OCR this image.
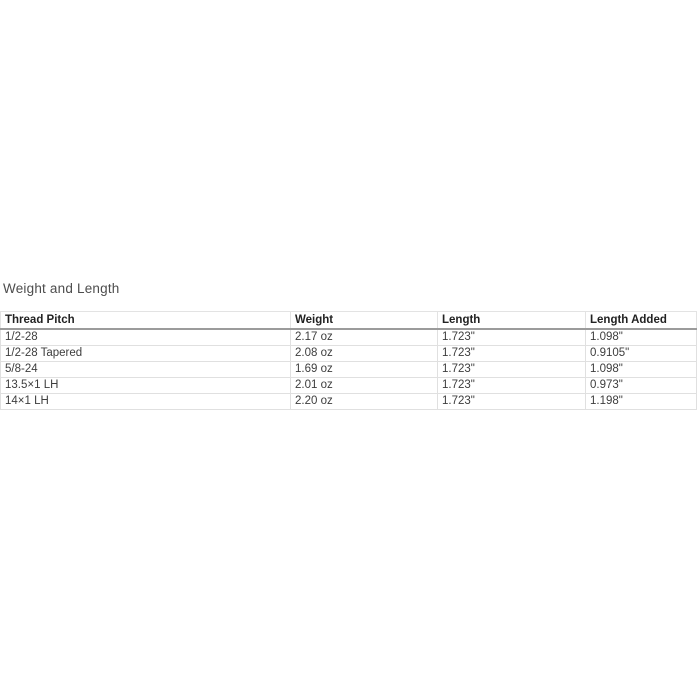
Weight and Length
Thread Pitch	Weight	Length	Length Added
1/2-28	2.17 oz	1.723"	1.098"
1/2-28 Tapered	2.08 oz	1.723"	0.9105"
5/8-24	1.69 oz	1.723"	1.098"
13.5×1 LH	2.01 oz	1.723"	0.973"
14×1 LH	2.20 oz	1.723"	1.198"
